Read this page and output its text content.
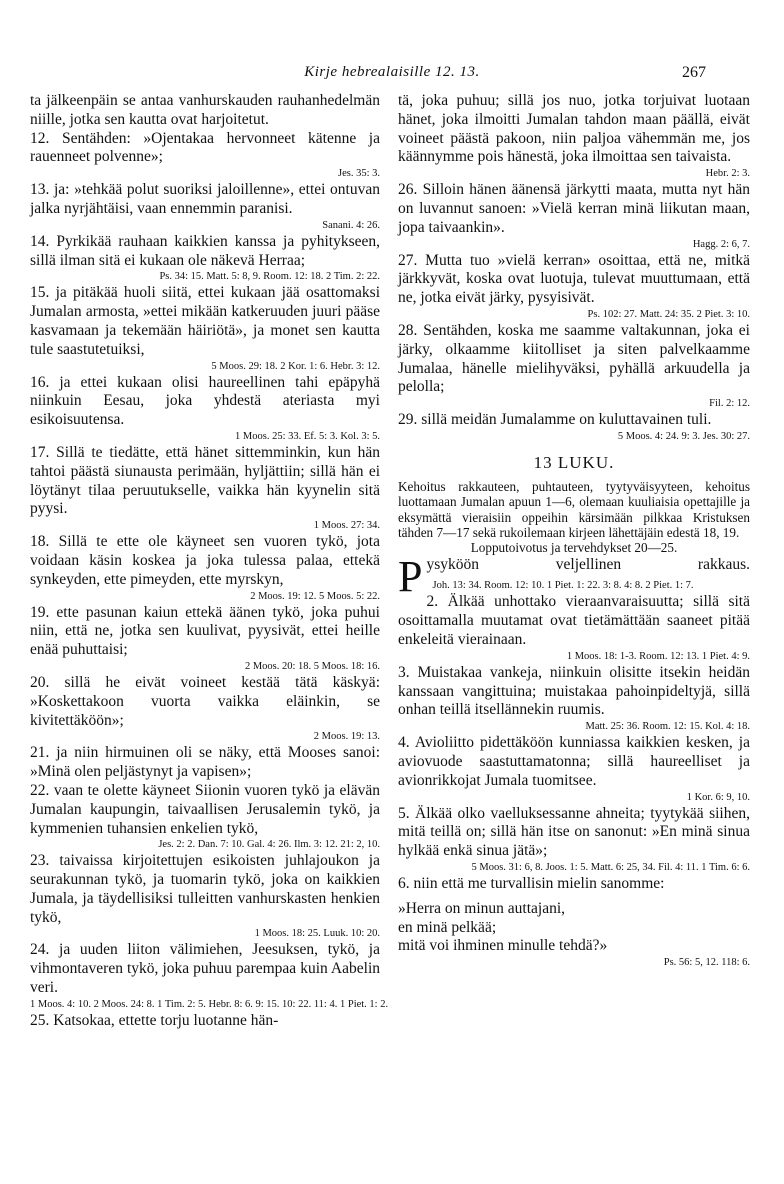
Kirje hebrealaisille 12. 13.	267

ta jälkeenpäin se antaa vanhurskauden rauhanhedelmän niille, jotka sen kautta ovat harjoitetut.

12. Sentähden: »Ojentakaa hervonneet kätenne ja rauenneet polvenne»;
Jes. 35: 3.

13. ja: »tehkää polut suoriksi jaloillenne», ettei ontuvan jalka nyrjähtäisi, vaan ennemmin paranisi.
Sanani. 4: 26.

14. Pyrkikää rauhaan kaikkien kanssa ja pyhitykseen, sillä ilman sitä ei kukaan ole näkevä Herraa;
Ps. 34: 15. Matt. 5: 8, 9. Room. 12: 18. 2 Tim. 2: 22.

15. ja pitäkää huoli siitä, ettei kukaan jää osattomaksi Jumalan armosta, »ettei mikään katkeruuden juuri pääse kasvamaan ja tekemään häiriötä», ja monet sen kautta tule saastutetuiksi,
5 Moos. 29: 18. 2 Kor. 1: 6. Hebr. 3: 12.

16. ja ettei kukaan olisi haureellinen tahi epäpyhä niinkuin Eesau, joka yhdestä ateriasta myi esikoisuutensa.
1 Moos. 25: 33. Ef. 5: 3. Kol. 3: 5.

17. Sillä te tiedätte, että hänet sittemminkin, kun hän tahtoi päästä siunausta perimään, hyljättiin; sillä hän ei löytänyt tilaa peruutukselle, vaikka hän kyynelin sitä pyysi.
1 Moos. 27: 34.

18. Sillä te ette ole käyneet sen vuoren tykö, jota voidaan käsin koskea ja joka tulessa palaa, ettekä synkeyden, ette pimeyden, ette myrskyn,
2 Moos. 19: 12. 5 Moos. 5: 22.

19. ette pasunan kaiun ettekä äänen tykö, joka puhui niin, että ne, jotka sen kuulivat, pyysivät, ettei heille enää puhuttaisi;
2 Moos. 20: 18. 5 Moos. 18: 16.

20. sillä he eivät voineet kestää tätä käskyä: »Koskettakoon vuorta vaikka eläinkin, se kivitettäköön»;
2 Moos. 19: 13.

21. ja niin hirmuinen oli se näky, että Mooses sanoi: »Minä olen peljästynyt ja vapisen»;

22. vaan te olette käyneet Siionin vuoren tykö ja elävän Jumalan kaupungin, taivaallisen Jerusalemin tykö, ja kymmenien tuhansien enkelien tykö,
Jes. 2: 2. Dan. 7: 10. Gal. 4: 26. Ilm. 3: 12. 21: 2, 10.

23. taivaissa kirjoitettujen esikoisten juhlajoukon ja seurakunnan tykö, ja tuomarin tykö, joka on kaikkien Jumala, ja täydellisiksi tulleitten vanhurskasten henkien tykö,
1 Moos. 18: 25. Luuk. 10: 20.

24. ja uuden liiton välimiehen, Jeesuksen, tykö, ja vihmontaveren tykö, joka puhuu parempaa kuin Aabelin veri.
1 Moos. 4: 10. 2 Moos. 24: 8. 1 Tim. 2: 5. Hebr. 8: 6. 9: 15. 10: 22. 11: 4. 1 Piet. 1: 2.

25. Katsokaa, ettette torju luotanne hän-

tä, joka puhuu; sillä jos nuo, jotka torjuivat luotaan hänet, joka ilmoitti Jumalan tahdon maan päällä, eivät voineet päästä pakoon, niin paljoa vähemmän me, jos käännymme pois hänestä, joka ilmoittaa sen taivaista.
Hebr. 2: 3.

26. Silloin hänen äänensä järkytti maata, mutta nyt hän on luvannut sanoen: »Vielä kerran minä liikutan maan, jopa taivaankin».
Hagg. 2: 6, 7.

27. Mutta tuo »vielä kerran» osoittaa, että ne, mitkä järkkyvät, koska ovat luotuja, tulevat muuttumaan, että ne, jotka eivät järky, pysyisivät.
Ps. 102: 27. Matt. 24: 35. 2 Piet. 3: 10.

28. Sentähden, koska me saamme valtakunnan, joka ei järky, olkaamme kiitolliset ja siten palvelkaamme Jumalaa, hänelle mielihyväksi, pyhällä arkuudella ja pelolla;
Fil. 2: 12.

29. sillä meidän Jumalamme on kuluttavainen tuli.
5 Moos. 4: 24. 9: 3. Jes. 30: 27.

13 LUKU.

Kehoitus rakkauteen, puhtauteen, tyytyväisyyteen, kehoitus luottamaan Jumalan apuun 1—6, olemaan kuuliaisia opettajille ja eksymättä vieraisiin oppeihin kärsimään pilkkaa Kristuksen tähden 7—17 sekä rukoilemaan kirjeen lähettäjäin edestä 18, 19.
Lopputoivotus ja tervehdykset 20—25.

Pysyköön veljellinen rakkaus. Joh. 13: 34. Room. 12: 10. 1 Piet. 1: 22. 3: 8. 4: 8. 2 Piet. 1: 7.

2. Älkää unhottako vieraanvaraisuutta; sillä sitä osoittamalla muutamat ovat tietämättään saaneet pitää enkeleitä vierainaan.
1 Moos. 18: 1-3. Room. 12: 13. 1 Piet. 4: 9.

3. Muistakaa vankeja, niinkuin olisitte itsekin heidän kanssaan vangittuina; muistakaa pahoinpideltyjä, sillä onhan teillä itsellännekin ruumis.
Matt. 25: 36. Room. 12: 15. Kol. 4: 18.

4. Avioliitto pidettäköön kunniassa kaikkien kesken, ja aviovuode saastuttamatonna; sillä haureelliset ja avionrikkojat Jumala tuomitsee.
1 Kor. 6: 9, 10.

5. Älkää olko vaelluksessanne ahneita; tyytykää siihen, mitä teillä on; sillä hän itse on sanonut: »En minä sinua hylkää enkä sinua jätä»;
5 Moos. 31: 6, 8. Joos. 1: 5. Matt. 6: 25, 34. Fil. 4: 11. 1 Tim. 6: 6.

6. niin että me turvallisin mielin sanomme:

»Herra on minun auttajani,
en minä pelkää;
mitä voi ihminen minulle tehdä?»
Ps. 56: 5, 12. 118: 6.
